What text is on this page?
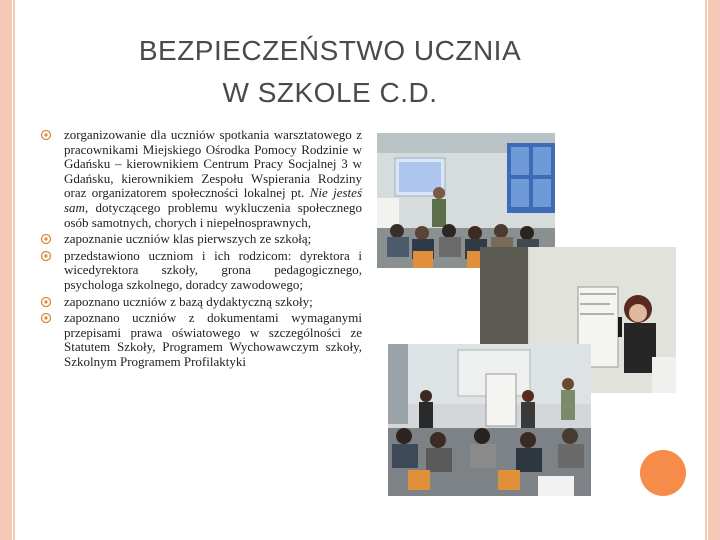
BEZPIECZEŃSTWO UCZNIA
W SZKOLE C.D.
zorganizowanie dla uczniów spotkania warsztatowego z pracownikami Miejskiego Ośrodka Pomocy Rodzinie w Gdańsku – kierownikiem Centrum Pracy Socjalnej 3 w Gdańsku, kierownikiem Zespołu Wspierania Rodziny oraz organizatorem społeczności lokalnej pt. Nie jesteś sam, dotyczącego problemu wykluczenia społecznego osób samotnych, chorych i niepełnosprawnych,
zapoznanie uczniów klas pierwszych ze szkołą;
przedstawiono uczniom i ich rodzicom: dyrektora i wicedyrektora szkoły, grona pedagogicznego, psychologa szkolnego, doradcy zawodowego;
zapoznano uczniów z bazą dydaktyczną szkoły;
zapoznano uczniów z dokumentami wymaganymi przepisami prawa oświatowego w szczególności ze Statutem Szkoły, Programem Wychowawczym szkoły, Szkolnym Programem Profilaktyki
